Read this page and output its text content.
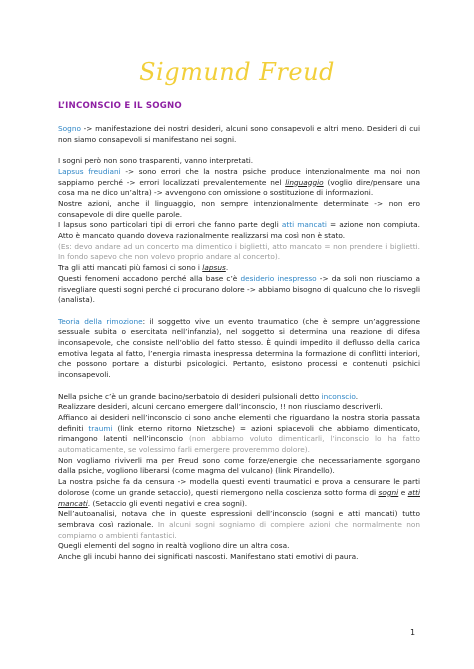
Sigmund Freud
L’INCONSCIO E IL SOGNO

Sogno -> manifestazione dei nostri desideri, alcuni sono consapevoli e altri meno. Desideri di cui non siamo consapevoli si manifestano nei sogni.

I sogni però non sono trasparenti, vanno interpretati.

Lapsus freudiani -> sono errori che la nostra psiche produce intenzionalmente ma noi non sappiamo perché -> errori localizzati prevalentemente nel linguaggio (voglio dire/pensare una cosa ma ne dico un’altra) -> avvengono con omissione o sostituzione di informazioni.

Nostre azioni, anche il linguaggio, non sempre intenzionalmente determinate -> non ero consapevole di dire quelle parole.

I lapsus sono particolari tipi di errori che fanno parte degli atti mancati = azione non compiuta. Atto è mancato quando doveva razionalmente realizzarsi ma così non è stato.

(Es: devo andare ad un concerto ma dimentico i biglietti, atto mancato = non prendere i biglietti. In fondo sapevo che non volevo proprio andare al concerto).

Tra gli atti mancati più famosi ci sono i lapsus.

Questi fenomeni accadono perché alla base c’è desiderio inespresso -> da soli non riusciamo a risvegliare questi sogni perché ci procurano dolore -> abbiamo bisogno di qualcuno che lo risvegli (analista).

Teoria della rimozione: il soggetto vive un evento traumatico (che è sempre un’aggressione sessuale subita o esercitata nell’infanzia), nel soggetto si determina una reazione di difesa inconsapevole, che consiste nell’oblio del fatto stesso. È quindi impedito il deflusso della carica emotiva legata al fatto, l’energia rimasta inespressa determina la formazione di conflitti interiori, che possono portare a disturbi psicologici. Pertanto, esistono processi e contenuti psichici inconsapevoli.

Nella psiche c’è un grande bacino/serbatoio di desideri pulsionali detto inconscio.

Realizzare desideri, alcuni cercano emergere dall’inconscio, !! non riusciamo descriverli.

Affianco ai desideri nell’inconscio ci sono anche elementi che riguardano la nostra storia passata definiti traumi (link eterno ritorno Nietzsche) = azioni spiacevoli che abbiamo dimenticato, rimangono latenti nell’inconscio (non abbiamo voluto dimenticarli, l’inconscio lo ha fatto automaticamente, se volessimo farli emergere proveremmo dolore).

Non vogliamo riviverli ma per Freud sono come forze/energie che necessariamente sgorgano dalla psiche, vogliono liberarsi (come magma del vulcano) (link Pirandello).

La nostra psiche fa da censura -> modella questi eventi traumatici e prova a censurare le parti dolorose (come un grande setaccio), questi riemergono nella coscienza sotto forma di sogni e atti mancati. (Setaccio gli eventi negativi e crea sogni).

Nell’autoanalisi, notava che in queste espressioni dell’inconscio (sogni e atti mancati) tutto sembrava così razionale. In alcuni sogni sogniamo di compiere azioni che normalmente non compiamo o ambienti fantastici.

Quegli elementi del sogno in realtà vogliono dire un altra cosa.

Anche gli incubi hanno dei significati nascosti. Manifestano stati emotivi di paura.

1
